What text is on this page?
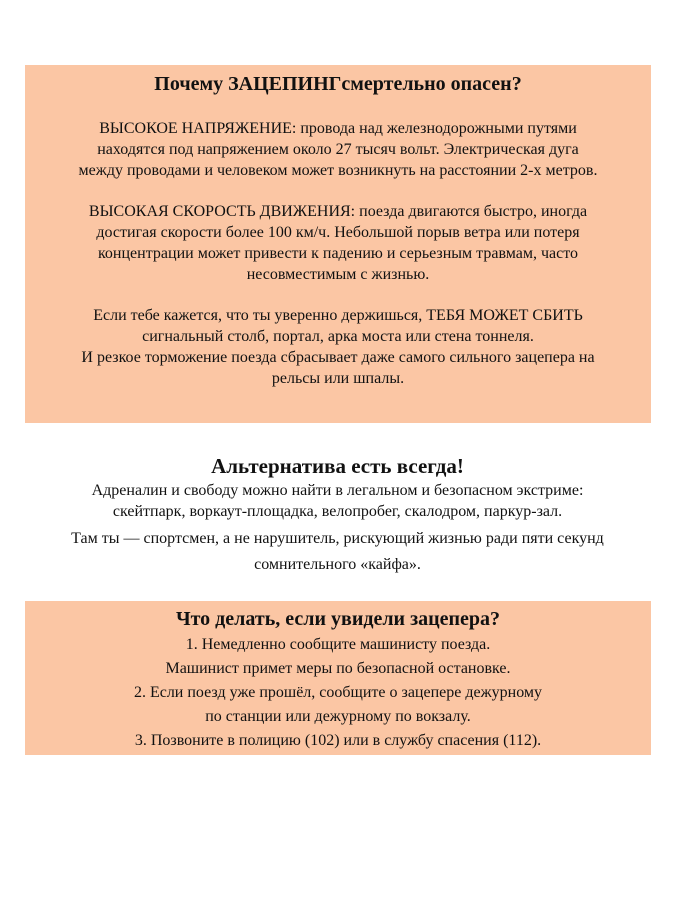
Почему ЗАЦЕПИНГсмертельно опасен?

ВЫСОКОЕ НАПРЯЖЕНИЕ: провода над железнодорожными путями
находятся под напряжением около 27 тысяч вольт. Электрическая дуга
между проводами и человеком может возникнуть на расстоянии 2-х метров.

ВЫСОКАЯ СКОРОСТЬ ДВИЖЕНИЯ: поезда двигаются быстро, иногда
достигая скорости более 100 км/ч. Небольшой порыв ветра или потеря
концентрации может привести к падению и серьезным травмам, часто
несовместимым с жизнью.

Если тебе кажется, что ты уверенно держишься, ТЕБЯ МОЖЕТ СБИТЬ
сигнальный столб, портал, арка моста или стена тоннеля.
И резкое торможение поезда сбрасывает даже самого сильного зацепера на
рельсы или шпалы.

Альтернатива есть всегда!

Адреналин и свободу можно найти в легальном и безопасном экстриме:
скейтпарк, воркаут-площадка, велопробег, скалодром, паркур-зал.
Там ты — спортсмен, а не нарушитель, рискующий жизнью ради пяти секунд
сомнительного «кайфа».

Что делать, если увидели зацепера?

1. Немедленно сообщите машинисту поезда.
Машинист примет меры по безопасной остановке.
2. Если поезд уже прошёл, сообщите о зацепере дежурному
по станции или дежурному по вокзалу.
3. Позвоните в полицию (102) или в службу спасения (112).
